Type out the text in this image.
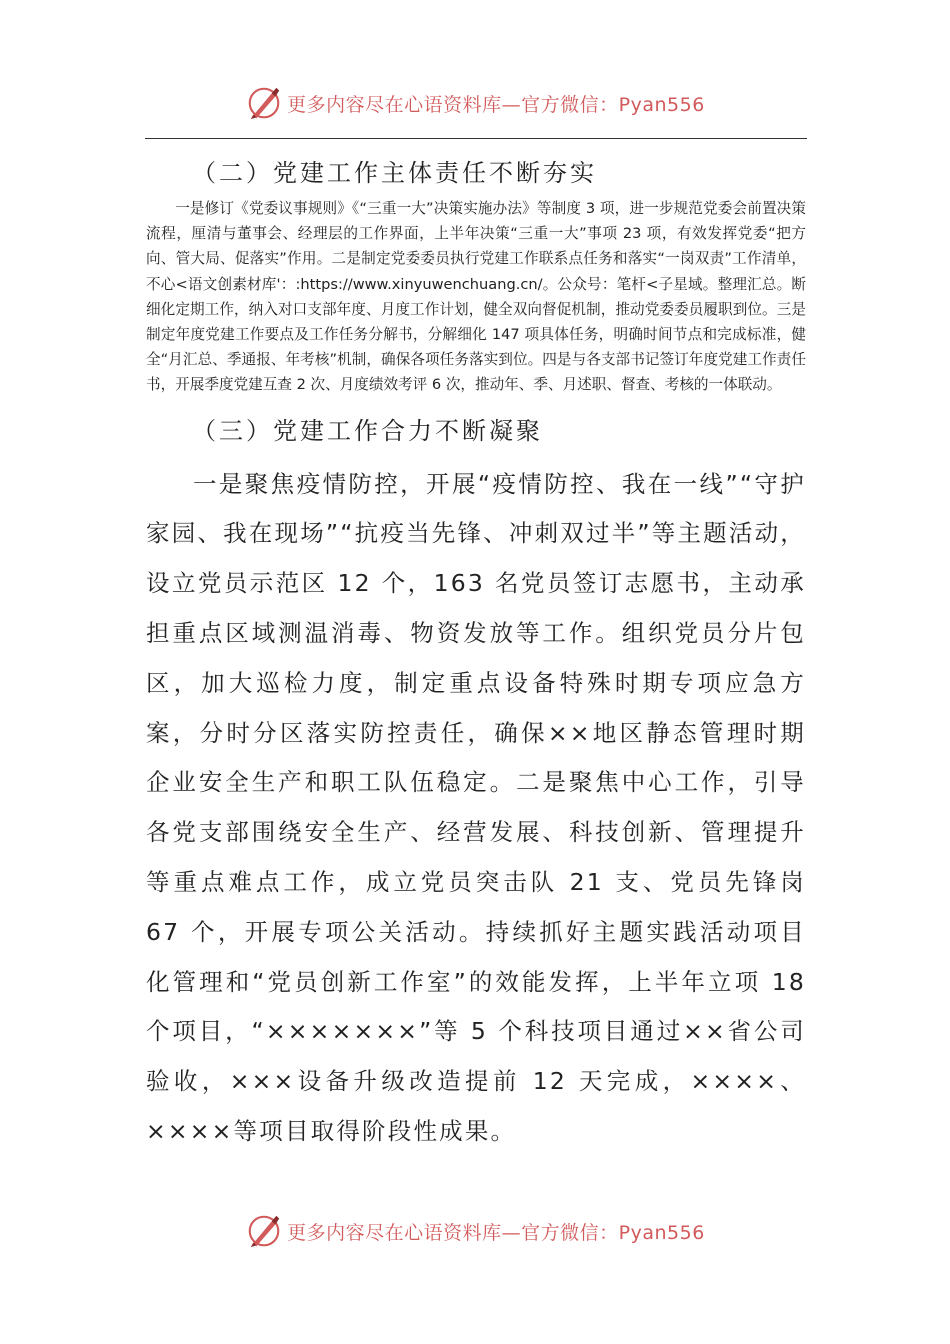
更多内容尽在心语资料库—官方微信：Pyan556
（二）党建工作主体责任不断夯实

一是修订《党委议事规则》《“三重一大”决策实施办法》等制度 3 项，进一步规范党委会前置决策流程，厘清与董事会、经理层的工作界面，上半年决策“三重一大”事项 23 项，有效发挥党委“把方向、管大局、促落实”作用。二是制定党委委员执行党建工作联系点任务和落实“一岗双责”工作清单，不心<语文创素材库'：:https://www.xinyuwenchuang.cn/。公众号：笔杆<子星域。整理汇总。断细化定期工作，纳入对口支部年度、月度工作计划，健全双向督促机制，推动党委委员履职到位。三是制定年度党建工作要点及工作任务分解书，分解细化 147 项具体任务，明确时间节点和完成标准，健全“月汇总、季通报、年考核”机制，确保各项任务落实到位。四是与各支部书记签订年度党建工作责任书，开展季度党建互查 2 次、月度绩效考评 6 次，推动年、季、月述职、督查、考核的一体联动。

（三）党建工作合力不断凝聚

一是聚焦疫情防控，开展“疫情防控、我在一线”“守护家园、我在现场”“抗疫当先锋、冲刺双过半”等主题活动，设立党员示范区 12 个，163 名党员签订志愿书，主动承担重点区域测温消毒、物资发放等工作。组织党员分片包区，加大巡检力度，制定重点设备特殊时期专项应急方案，分时分区落实防控责任，确保××地区静态管理时期企业安全生产和职工队伍稳定。二是聚焦中心工作，引导各党支部围绕安全生产、经营发展、科技创新、管理提升等重点难点工作，成立党员突击队 21 支、党员先锋岗 67 个，开展专项公关活动。持续抓好主题实践活动项目化管理和“党员创新工作室”的效能发挥，上半年立项 18 个项目，“×××××××”等 5 个科技项目通过××省公司验收，×××设备升级改造提前 12 天完成，××××、××××等项目取得阶段性成果。

更多内容尽在心语资料库—官方微信：Pyan556
